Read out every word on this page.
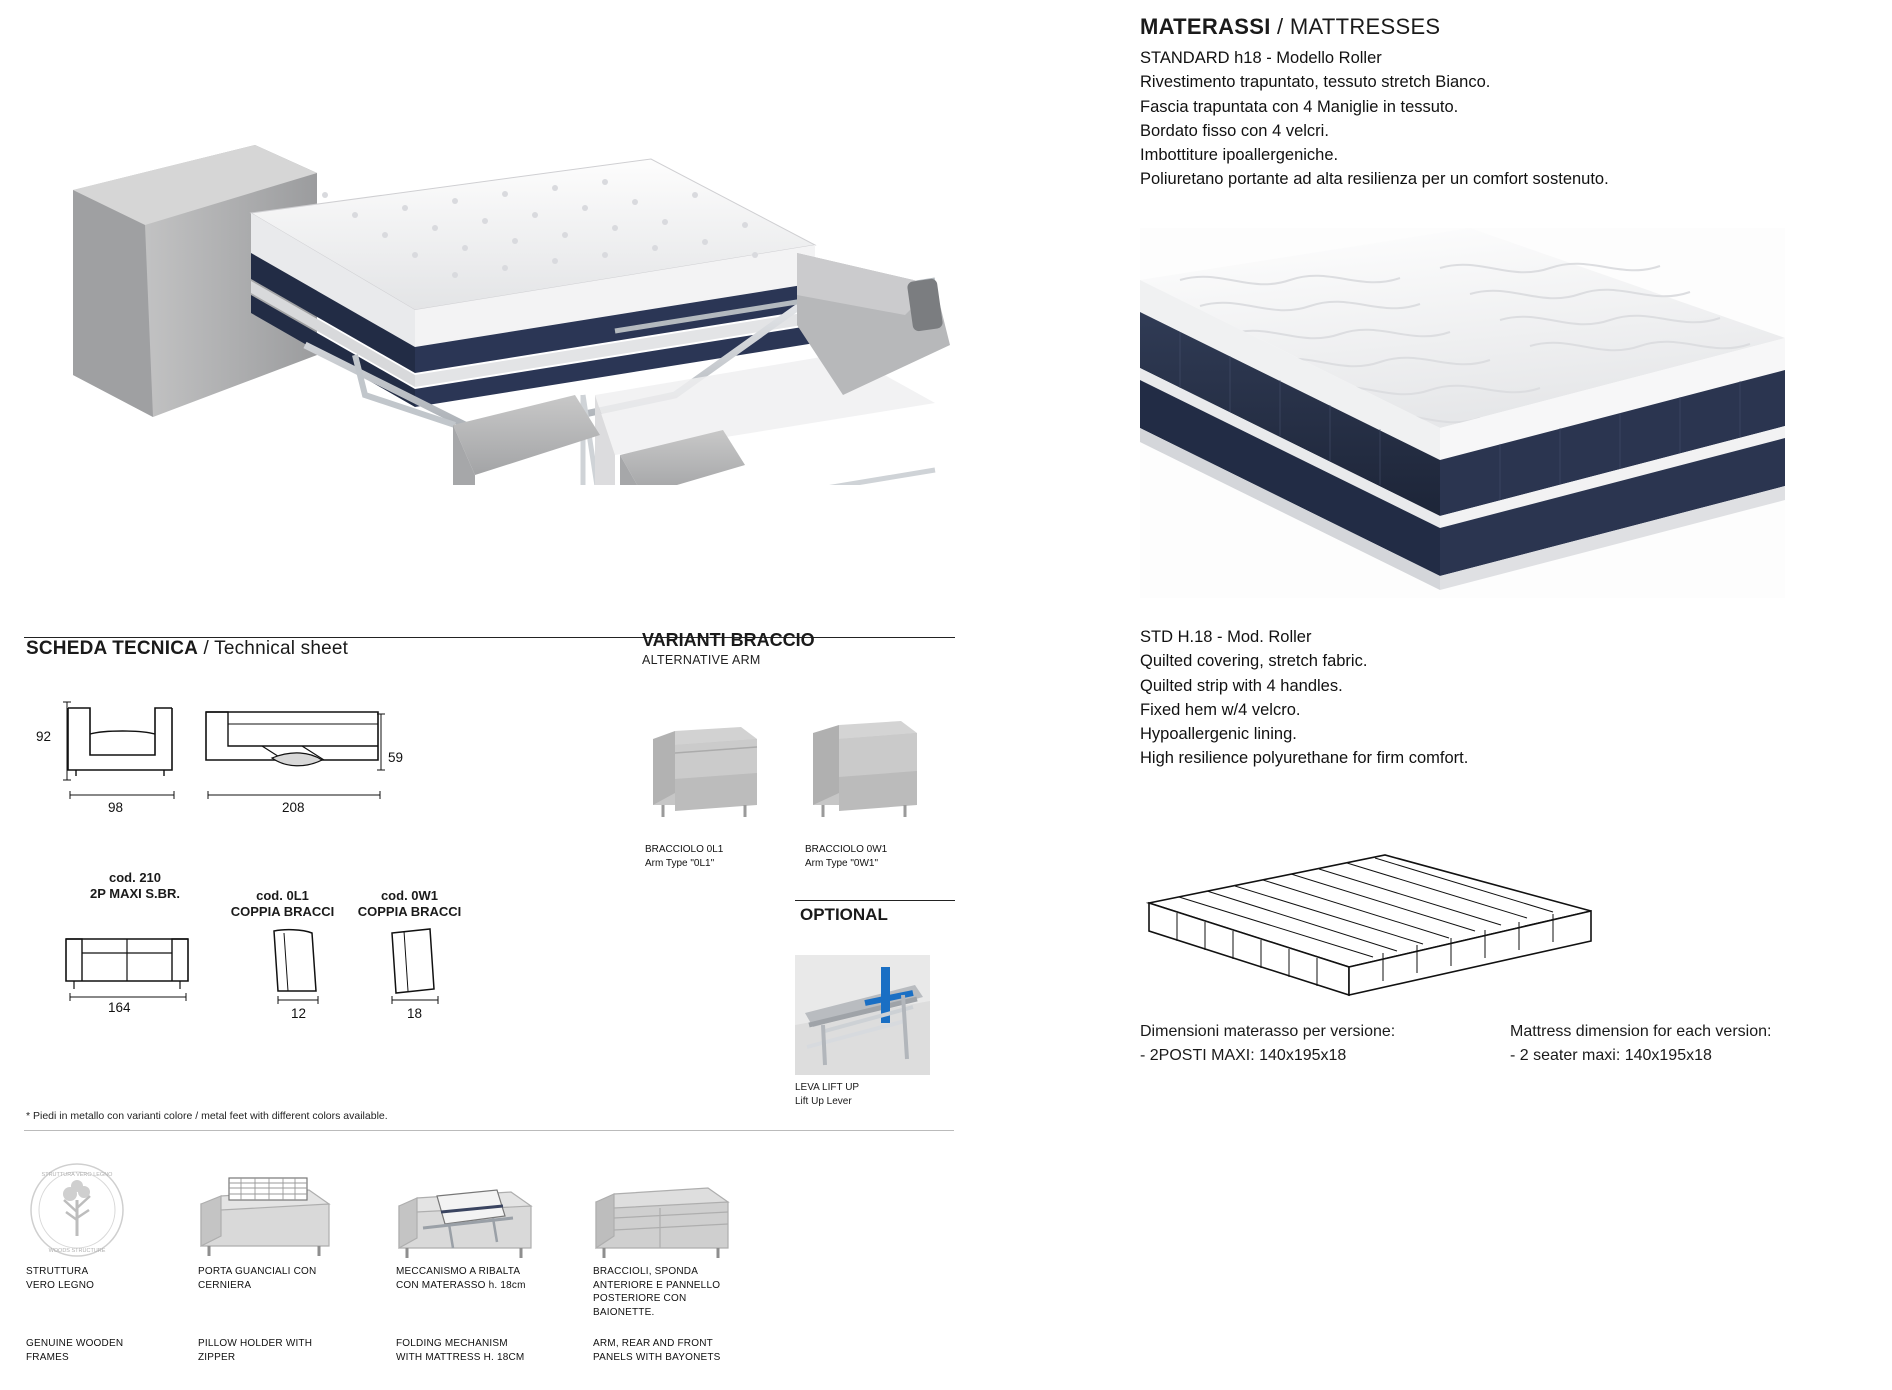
SCHEDA TECNICA / Technical sheet
92
98	208
59
cod. 210
2P MAXI S.BR.	cod. 0L1
COPPIA BRACCI
cod. 0W1
COPPIA BRACCI
164	12	18
* Piedi in metallo con varianti colore / metal feet with different colors available.
VARIANTI BRACCIO
ALTERNATIVE ARM
BRACCIOLO 0L1
Arm Type "0L1"
BRACCIOLO 0W1
Arm Type "0W1"
OPTIONAL
LEVA LIFT UP
Lift Up Lever
STRUTTURA VERO LEGNO
WOODS STRUCTURE
STRUTTURA
VERO LEGNO
GENUINE WOODEN
FRAMES
PORTA GUANCIALI CON
CERNIERA
PILLOW HOLDER WITH
ZIPPER
MECCANISMO A RIBALTA
CON MATERASSO h. 18cm
FOLDING MECHANISM
WITH MATTRESS H. 18CM
BRACCIOLI, SPONDA
ANTERIORE E PANNELLO
POSTERIORE CON
BAIONETTE.
ARM, REAR AND FRONT
PANELS WITH BAYONETS
MATERASSI / MATTRESSES
STANDARD h18 - Modello Roller
Rivestimento trapuntato, tessuto stretch Bianco.
Fascia trapuntata con 4 Maniglie in tessuto.
Bordato fisso con 4 velcri.
Imbottiture ipoallergeniche.
Poliuretano portante ad alta resilienza per un comfort sostenuto.
STD H.18 - Mod. Roller
Quilted covering, stretch fabric.
Quilted strip with 4 handles.
Fixed hem w/4 velcro.
Hypoallergenic lining.
High resilience polyurethane for firm comfort.
Dimensioni materasso per versione:
- 2POSTI MAXI: 140x195x18
Mattress dimension for each version:
- 2 seater maxi: 140x195x18
